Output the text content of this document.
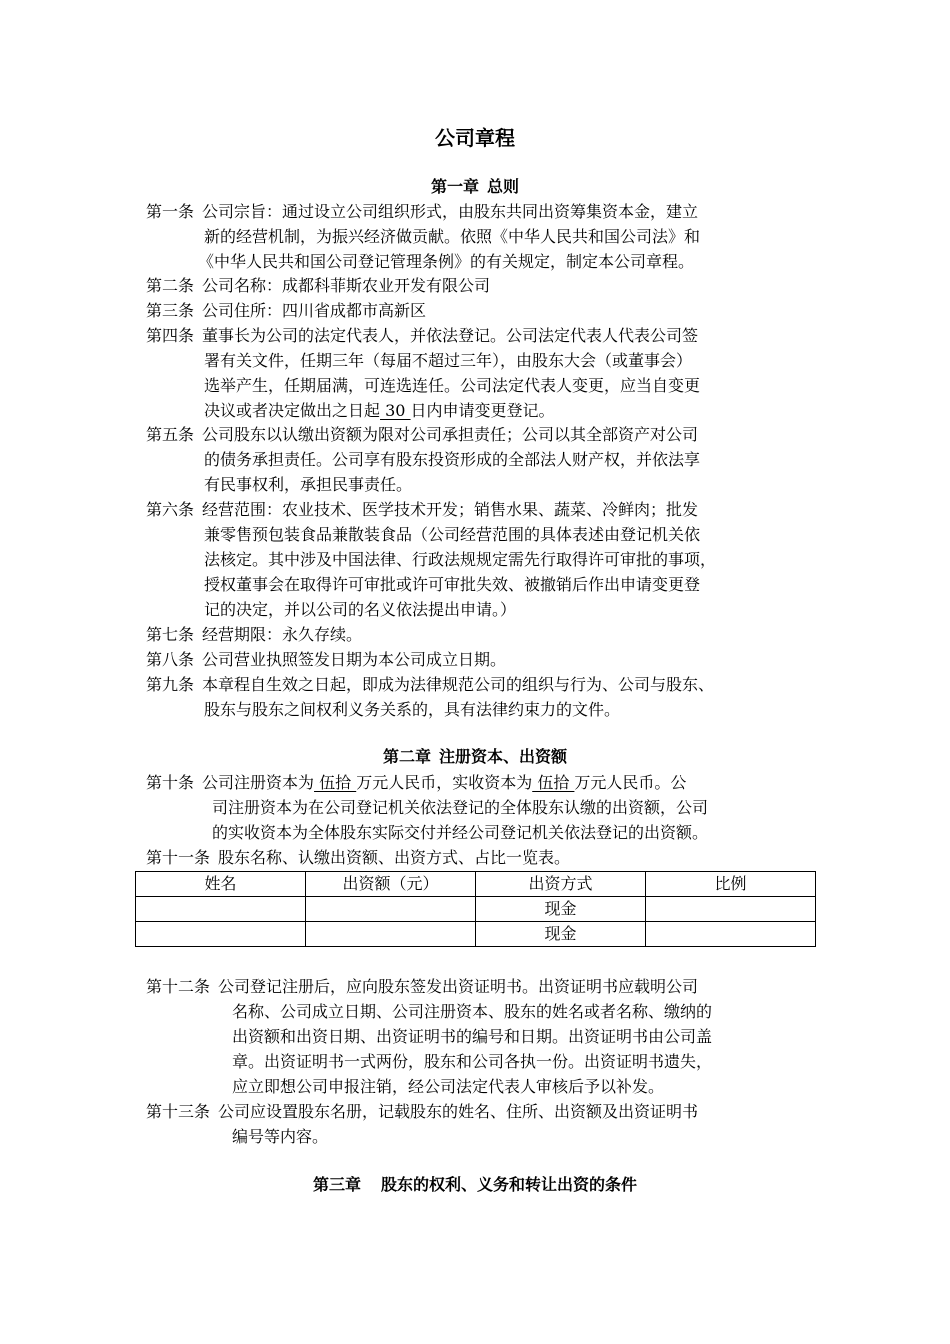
公司章程
第一章 总则
第一条 公司宗旨：通过设立公司组织形式，由股东共同出资筹集资本金，建立
新的经营机制，为振兴经济做贡献。依照《中华人民共和国公司法》和
《中华人民共和国公司登记管理条例》的有关规定，制定本公司章程。
第二条 公司名称：成都科菲斯农业开发有限公司
第三条 公司住所：四川省成都市高新区
第四条 董事长为公司的法定代表人，并依法登记。公司法定代表人代表公司签
署有关文件，任期三年（每届不超过三年），由股东大会（或董事会）
选举产生，任期届满，可连选连任。公司法定代表人变更，应当自变更
决议或者决定做出之日起 30 日内申请变更登记。
第五条 公司股东以认缴出资额为限对公司承担责任；公司以其全部资产对公司
的债务承担责任。公司享有股东投资形成的全部法人财产权，并依法享
有民事权利，承担民事责任。
第六条 经营范围：农业技术、医学技术开发；销售水果、蔬菜、冷鲜肉；批发
兼零售预包装食品兼散装食品（公司经营范围的具体表述由登记机关依
法核定。其中涉及中国法律、行政法规规定需先行取得许可审批的事项，
授权董事会在取得许可审批或许可审批失效、被撤销后作出申请变更登
记的决定，并以公司的名义依法提出申请。）
第七条 经营期限：永久存续。
第八条 公司营业执照签发日期为本公司成立日期。
第九条 本章程自生效之日起，即成为法律规范公司的组织与行为、公司与股东、
股东与股东之间权利义务关系的，具有法律约束力的文件。
第二章 注册资本、出资额
第十条 公司注册资本为 伍拾 万元人民币，实收资本为 伍拾 万元人民币。公
司注册资本为在公司登记机关依法登记的全体股东认缴的出资额，公司
的实收资本为全体股东实际交付并经公司登记机关依法登记的出资额。
第十一条 股东名称、认缴出资额、出资方式、占比一览表。
姓名	出资额（元）	出资方式	比例
		现金	
		现金	
第十二条 公司登记注册后，应向股东签发出资证明书。出资证明书应载明公司
名称、公司成立日期、公司注册资本、股东的姓名或者名称、缴纳的
出资额和出资日期、出资证明书的编号和日期。出资证明书由公司盖
章。出资证明书一式两份，股东和公司各执一份。出资证明书遗失，
应立即想公司申报注销，经公司法定代表人审核后予以补发。
第十三条 公司应设置股东名册，记载股东的姓名、住所、出资额及出资证明书
编号等内容。
第三章 股东的权利、义务和转让出资的条件
